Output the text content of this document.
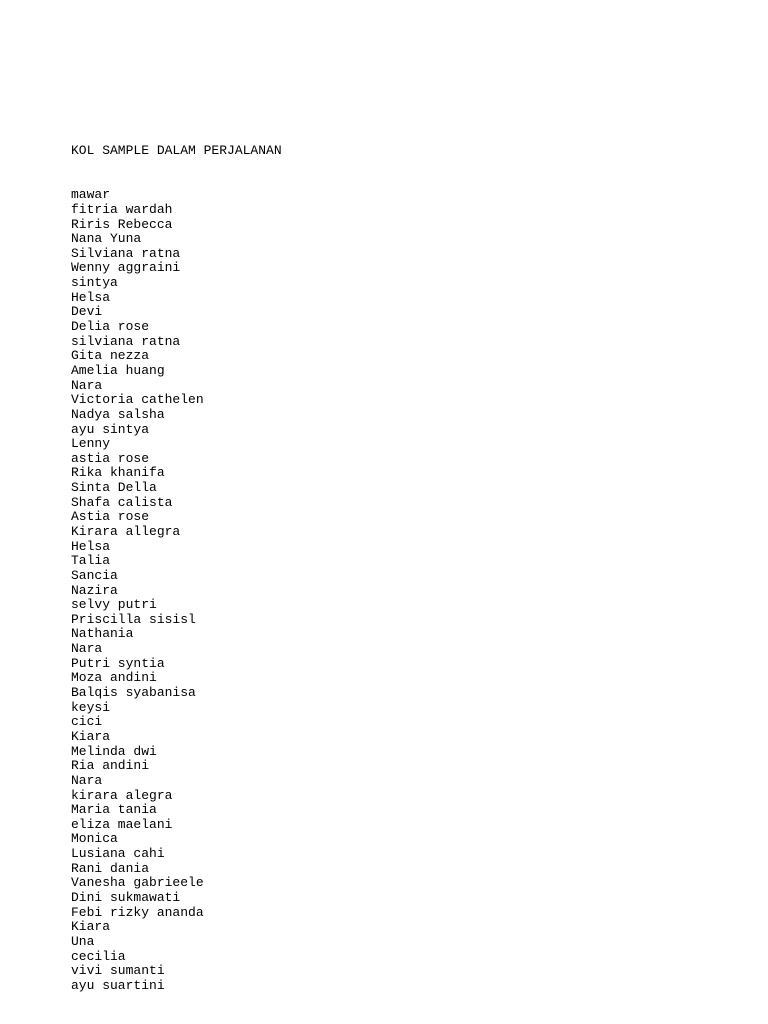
KOL SAMPLE DALAM PERJALANAN

mawar
fitria wardah
Riris Rebecca
Nana Yuna
Silviana ratna
Wenny aggraini
sintya
Helsa
Devi
Delia rose
silviana ratna
Gita nezza
Amelia huang
Nara
Victoria cathelen
Nadya salsha
ayu sintya
Lenny
astia rose
Rika khanifa
Sinta Della
Shafa calista
Astia rose
Kirara allegra
Helsa
Talia
Sancia
Nazira
selvy putri
Priscilla sisisl
Nathania
Nara
Putri syntia
Moza andini
Balqis syabanisa
keysi
cici
Kiara
Melinda dwi
Ria andini
Nara
kirara alegra
Maria tania
eliza maelani
Monica
Lusiana cahi
Rani dania
Vanesha gabrieele
Dini sukmawati
Febi rizky ananda
Kiara
Una
cecilia
vivi sumanti
ayu suartini
